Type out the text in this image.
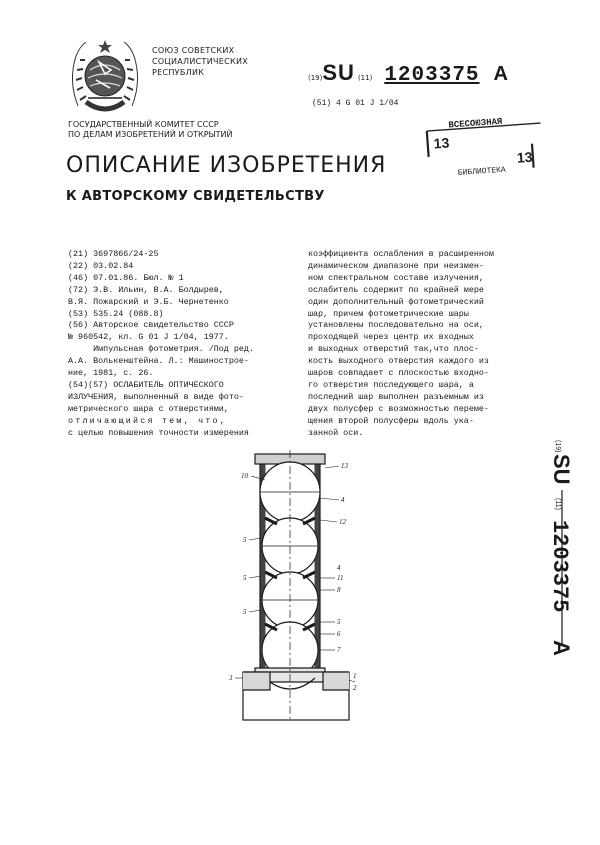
СОЮЗ СОВЕТСКИХ
СОЦИАЛИСТИЧЕСКИХ
РЕСПУБЛИК
(19) SU (11) 1203375 A
(51) 4 G 01 J 1/04
ВСЕСОЮЗНАЯ
13
13
БИБЛИОТЕКА
ГОСУДАРСТВЕННЫЙ КОМИТЕТ СССР
ПО ДЕЛАМ ИЗОБРЕТЕНИЙ И ОТКРЫТИЙ
ОПИСАНИЕ ИЗОБРЕТЕНИЯ
К АВТОРСКОМУ СВИДЕТЕЛЬСТВУ
(21) 3697866/24-25
(22) 03.02.84
(46) 07.01.86. Бюл. № 1
(72) Э.В. Ильин, В.А. Болдырев,
В.Я. Пожарский и Э.Б. Чернетенко
(53) 535.24 (088.8)
(56) Авторское свидетельство СССР
№ 960542, кл. G 01 J 1/04, 1977.
Импульсная фотометрия. /Под ред.
А.А. Волькенштейна. Л.: Машинострое-
ние, 1981, с. 26.
(54)(57) ОСЛАБИТЕЛЬ ОПТИЧЕСКОГО
ИЗЛУЧЕНИЯ, выполненный в виде фото-
метрического шара с отверстиями,
отличающийся тем, что,
с целью повышения точности измерения
коэффициента ослабления в расширенном
динамическом диапазоне при неизмен-
ном спектральном составе излучения,
ослабитель содержит по крайней мере
один дополнительный фотометрический
шар, причем фотометрические шары
установлены последовательно на оси,
проходящей через центр их входных
и выходных отверстий так,что плос-
кость выходного отверстия каждого из
шаров совпадает с плоскостью входно-
го отверстия последующего шара, а
последний шар выполнен разъемным из
двух полусфер с возможностью переме-
щения второй полусферы вдоль ука-
занной оси.
(19)
SU
(11)
1203375
A
10
13
4
12
5
4
5	11
8
5
5
6
7
3	1
2
